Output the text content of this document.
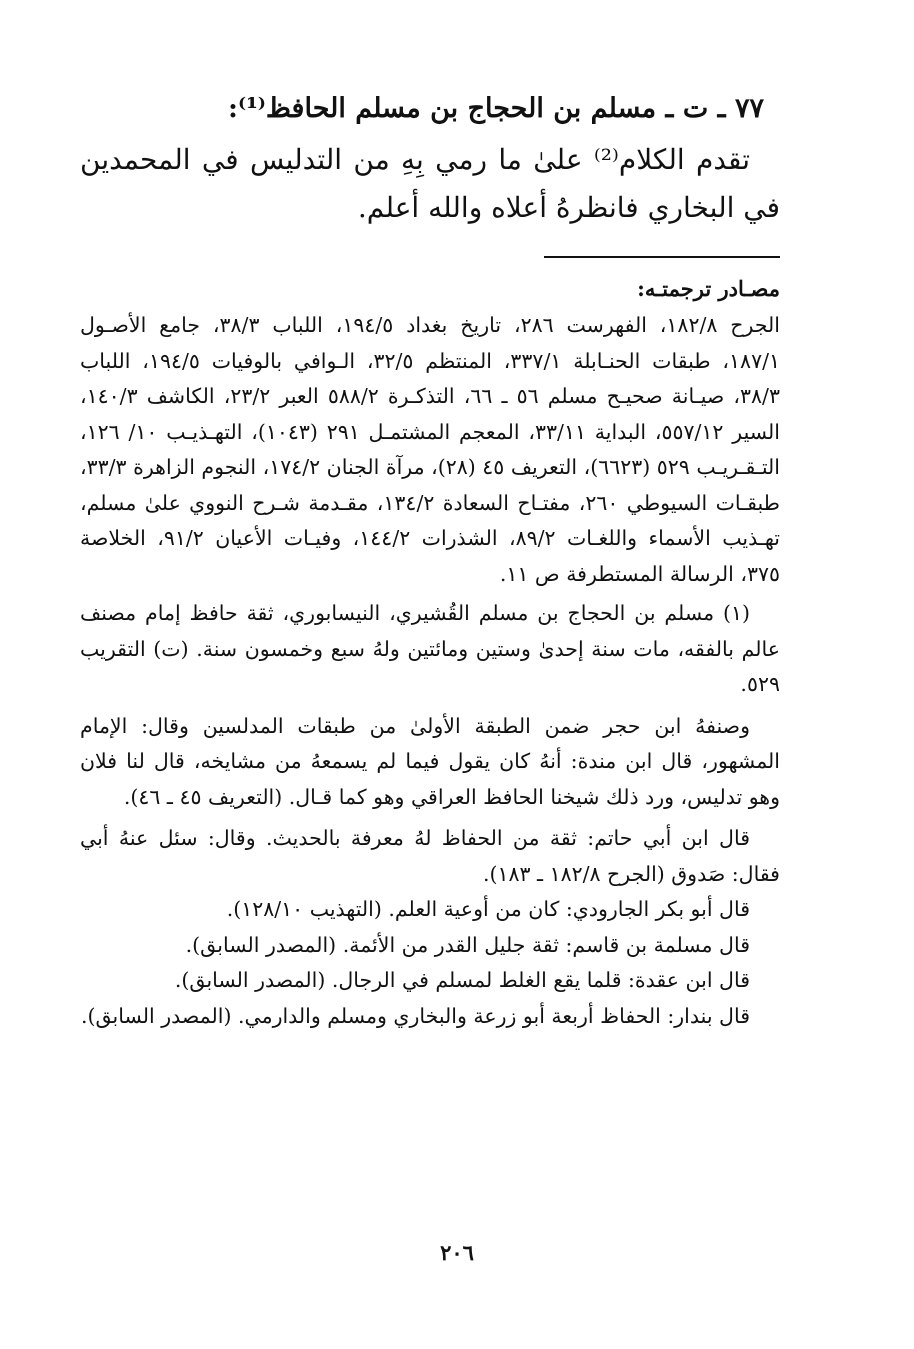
٧٧ ـ ت ـ مسلم بن الحجاج بن مسلم الحافظ⁽¹⁾:

تقدم الكلام⁽²⁾ علىٰ ما رمي بِهِ من التدليس في المحمدين في البخاري فانظرهُ أعلاه والله أعلم.

مصـادر ترجمتـه:

الجرح ١٨٢/٨، الفهرست ٢٨٦، تاريخ بغداد ١٩٤/٥، اللباب ٣٨/٣، جامع الأصـول ١٨٧/١، طبقات الحنـابلة ٣٣٧/١، المنتظم ٣٢/٥، الـوافي بالوفيات ١٩٤/٥، اللباب ٣٨/٣، صيـانة صحيـح مسلم ٥٦ ـ ٦٦، التذكـرة ٥٨٨/٢ العبر ٢٣/٢، الكاشف ١٤٠/٣، السير ٥٥٧/١٢، البداية ٣٣/١١، المعجم المشتمـل ٢٩١ (١٠٤٣)، التهـذيـب ١٠/ ١٢٦، التـقـريـب ٥٢٩ (٦٦٢٣)، التعريف ٤٥ (٢٨)، مرآة الجنان ١٧٤/٢، النجوم الزاهرة ٣٣/٣، طبقـات السيوطي ٢٦٠، مفتـاح السعادة ١٣٤/٢، مقـدمة شـرح النووي علىٰ مسلم، تهـذيب الأسماء واللغـات ٨٩/٢، الشذرات ١٤٤/٢، وفيـات الأعيان ٩١/٢، الخلاصة ٣٧٥، الرسالة المستطرفة ص ١١.

(١) مسلم بن الحجاج بن مسلم القُشيري، النيسابوري، ثقة حافظ إمام مصنف عالم بالفقه، مات سنة إحدىٰ وستين ومائتين ولهُ سبع وخمسون سنة. (ت) التقريب ٥٢٩.

وصنفهُ ابن حجر ضمن الطبقة الأولىٰ من طبقات المدلسين وقال: الإمام المشهور، قال ابن مندة: أنهُ كان يقول فيما لم يسمعهُ من مشايخه، قال لنا فلان وهو تدليس، ورد ذلك شيخنا الحافظ العراقي وهو كما قـال. (التعريف ٤٥ ـ ٤٦).

قال ابن أبي حاتم: ثقة من الحفاظ لهُ معرفة بالحديث. وقال: سئل عنهُ أبي فقال: صَدوق (الجرح ١٨٢/٨ ـ ١٨٣).

قال أبو بكر الجارودي: كان من أوعية العلم. (التهذيب ١٢٨/١٠).

قال مسلمة بن قاسم: ثقة جليل القدر من الأئمة. (المصدر السابق).

قال ابن عقدة: قلما يقع الغلط لمسلم في الرجال. (المصدر السابق).

قال بندار: الحفاظ أربعة أبو زرعة والبخاري ومسلم والدارمي. (المصدر السابق).

٢٠٦
